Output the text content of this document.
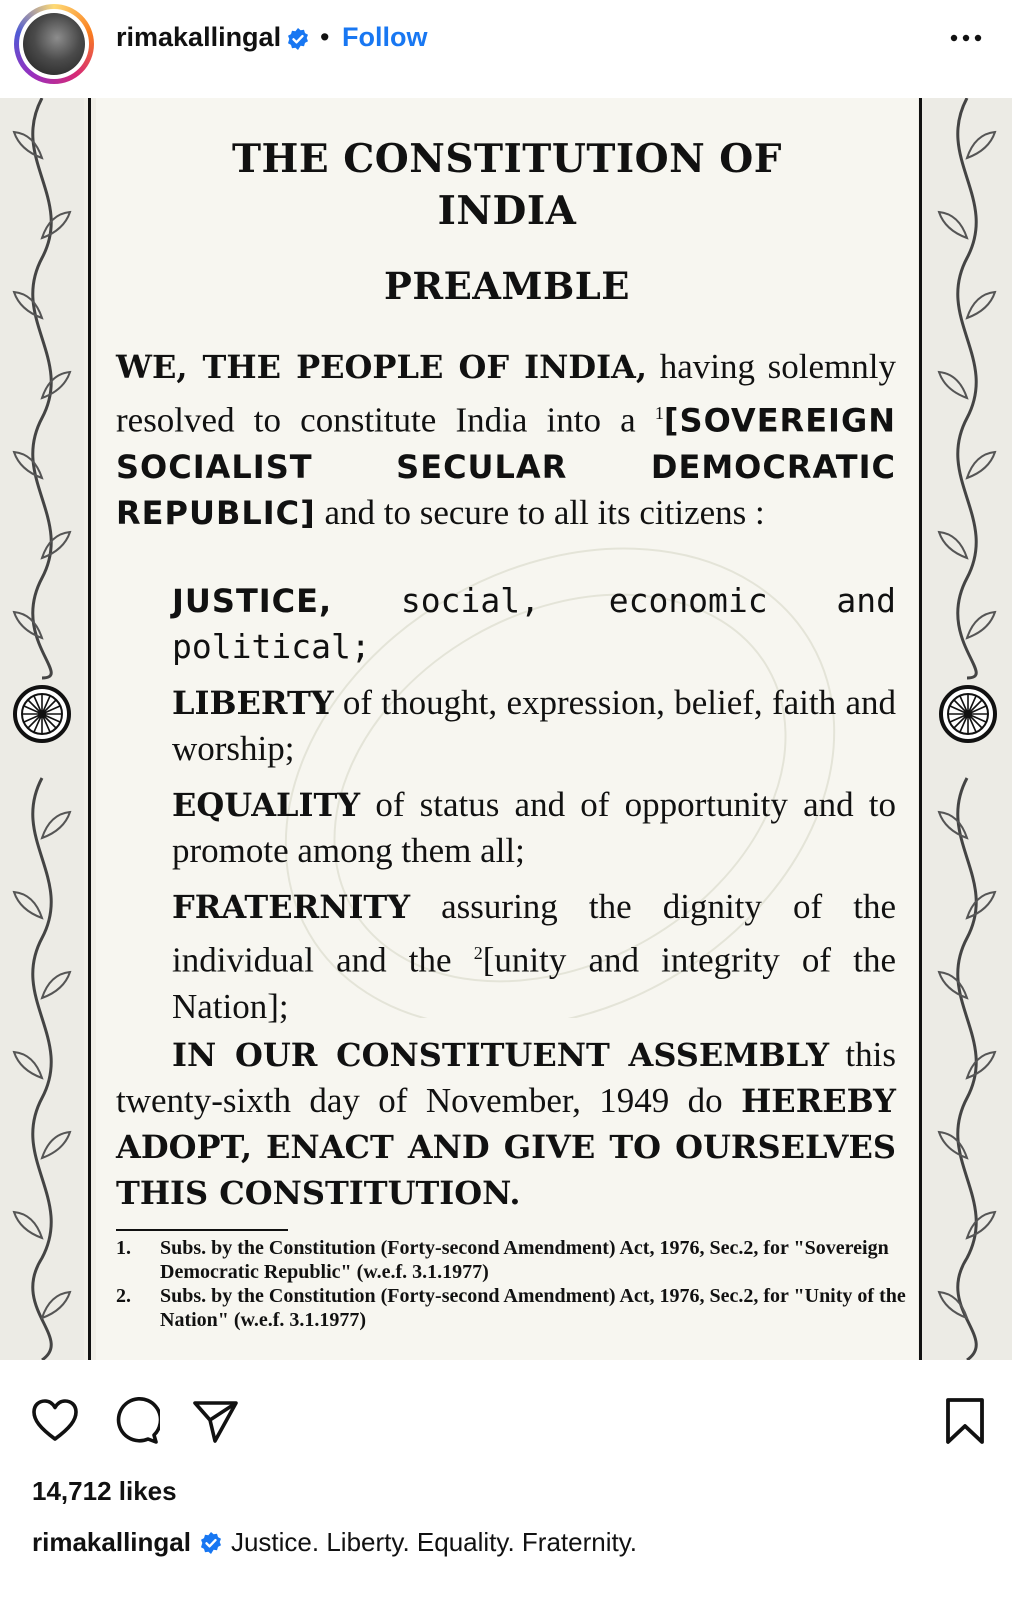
rimakallingal • Follow
THE CONSTITUTION OF
INDIA
PREAMBLE
WE, THE PEOPLE OF INDIA, having solemnly resolved to constitute India into a $^1$[SOVEREIGN SOCIALIST SECULAR DEMOCRATIC REPUBLIC] and to secure to all its citizens :
JUSTICE, social, economic and political;
LIBERTY of thought, expression, belief, faith and worship;
EQUALITY of status and of opportunity and to promote among them all;
FRATERNITY assuring the dignity of the individual and the $^2$[unity and integrity of the Nation];
IN OUR CONSTITUENT ASSEMBLY this twenty-sixth day of November, 1949 do HEREBY ADOPT, ENACT AND GIVE TO OURSELVES THIS CONSTITUTION.
1.	Subs. by the Constitution (Forty-second Amendment) Act, 1976, Sec.2, for "Sovereign Democratic Republic" (w.e.f. 3.1.1977)
2.	Subs. by the Constitution (Forty-second Amendment) Act, 1976, Sec.2, for "Unity of the Nation" (w.e.f. 3.1.1977)
14,712 likes
rimakallingal Justice. Liberty. Equality. Fraternity.
